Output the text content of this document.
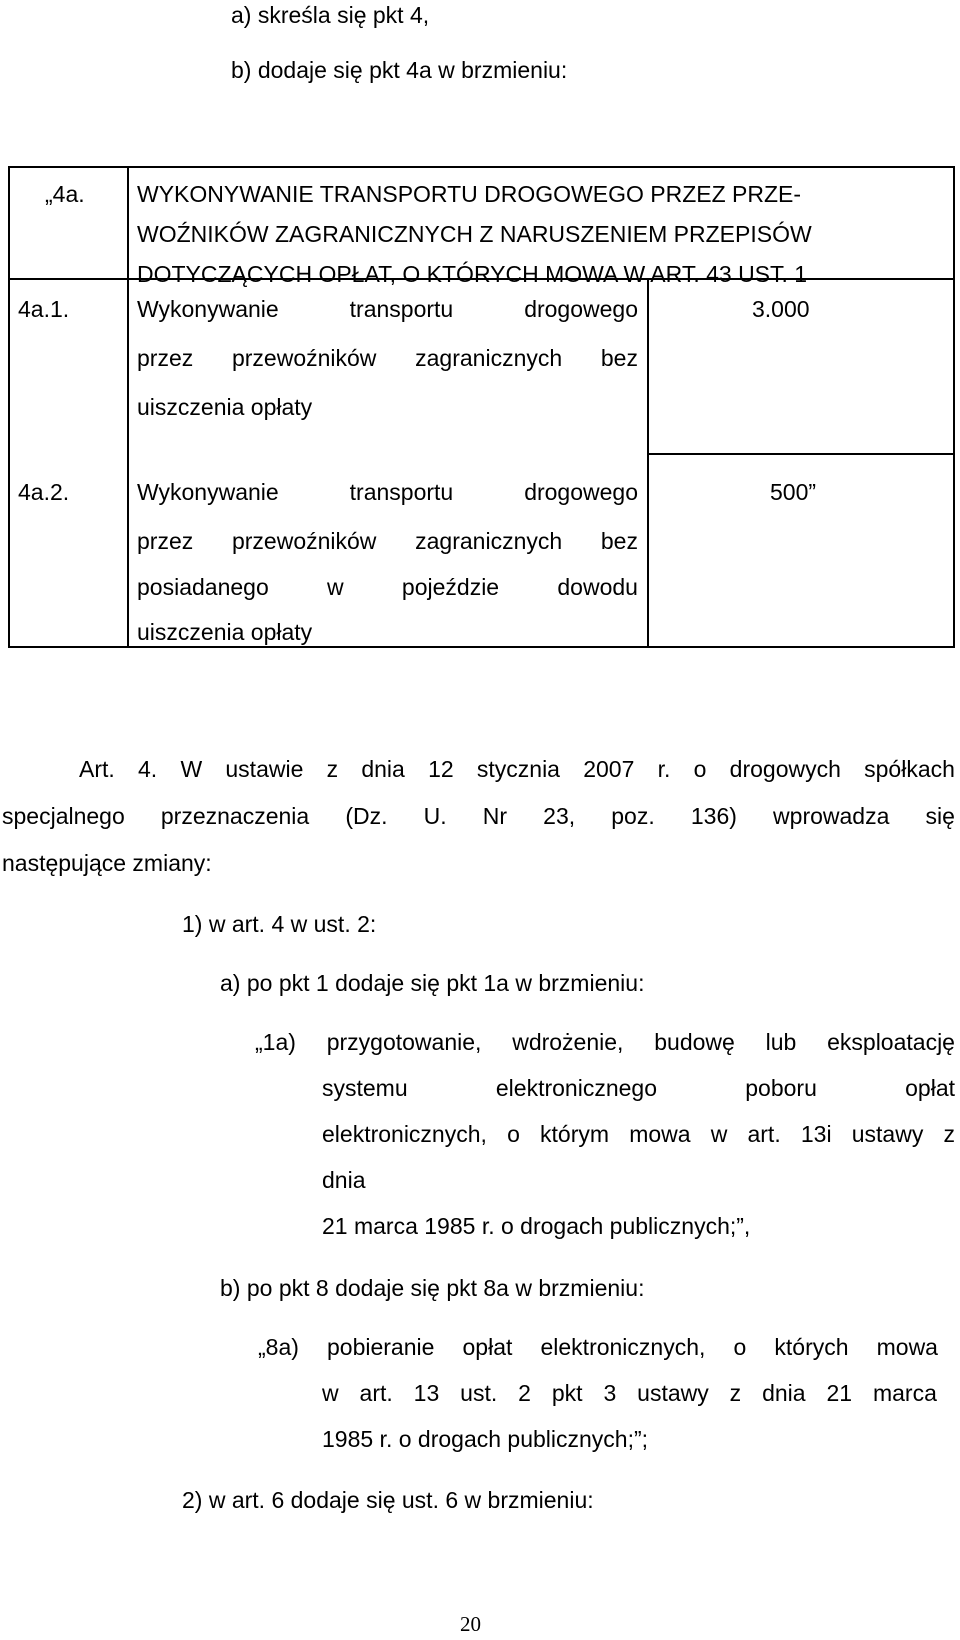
a) skreśla się pkt 4,
b) dodaje się pkt 4a w brzmieniu:
„4a. WYKONYWANIE TRANSPORTU DROGOWEGO PRZEZ PRZE-
WOŹNIKÓW ZAGRANICZNYCH Z NARUSZENIEM PRZEPISÓW
DOTYCZĄCYCH OPŁAT, O KTÓRYCH MOWA W ART. 43 UST. 1
4a.1.	Wykonywanie	transportu	drogowego
przez przewoźników zagranicznych bez
uiszczenia opłaty
3.000
4a.2.	Wykonywanie	transportu	drogowego
przez przewoźników zagranicznych bez
posiadanego	w	pojeździe	dowodu
uiszczenia opłaty
500”
Art. 4. W ustawie z dnia 12 stycznia 2007 r. o drogowych spółkach
specjalnego przeznaczenia (Dz. U. Nr 23, poz. 136) wprowadza się
następujące zmiany:
1) w art. 4 w ust. 2:
a) po pkt 1 dodaje się pkt 1a w brzmieniu:
„1a) przygotowanie, wdrożenie, budowę lub eksploatację
systemu	elektronicznego	poboru	opłat
elektronicznych, o którym mowa w art. 13i ustawy z
dnia
21 marca 1985 r. o drogach publicznych;”,
b) po pkt 8 dodaje się pkt 8a w brzmieniu:
„8a) pobieranie opłat elektronicznych, o których mowa
w art. 13 ust. 2 pkt 3 ustawy z dnia 21 marca
1985 r. o drogach publicznych;”;
2) w art. 6 dodaje się ust. 6 w brzmieniu:
20
